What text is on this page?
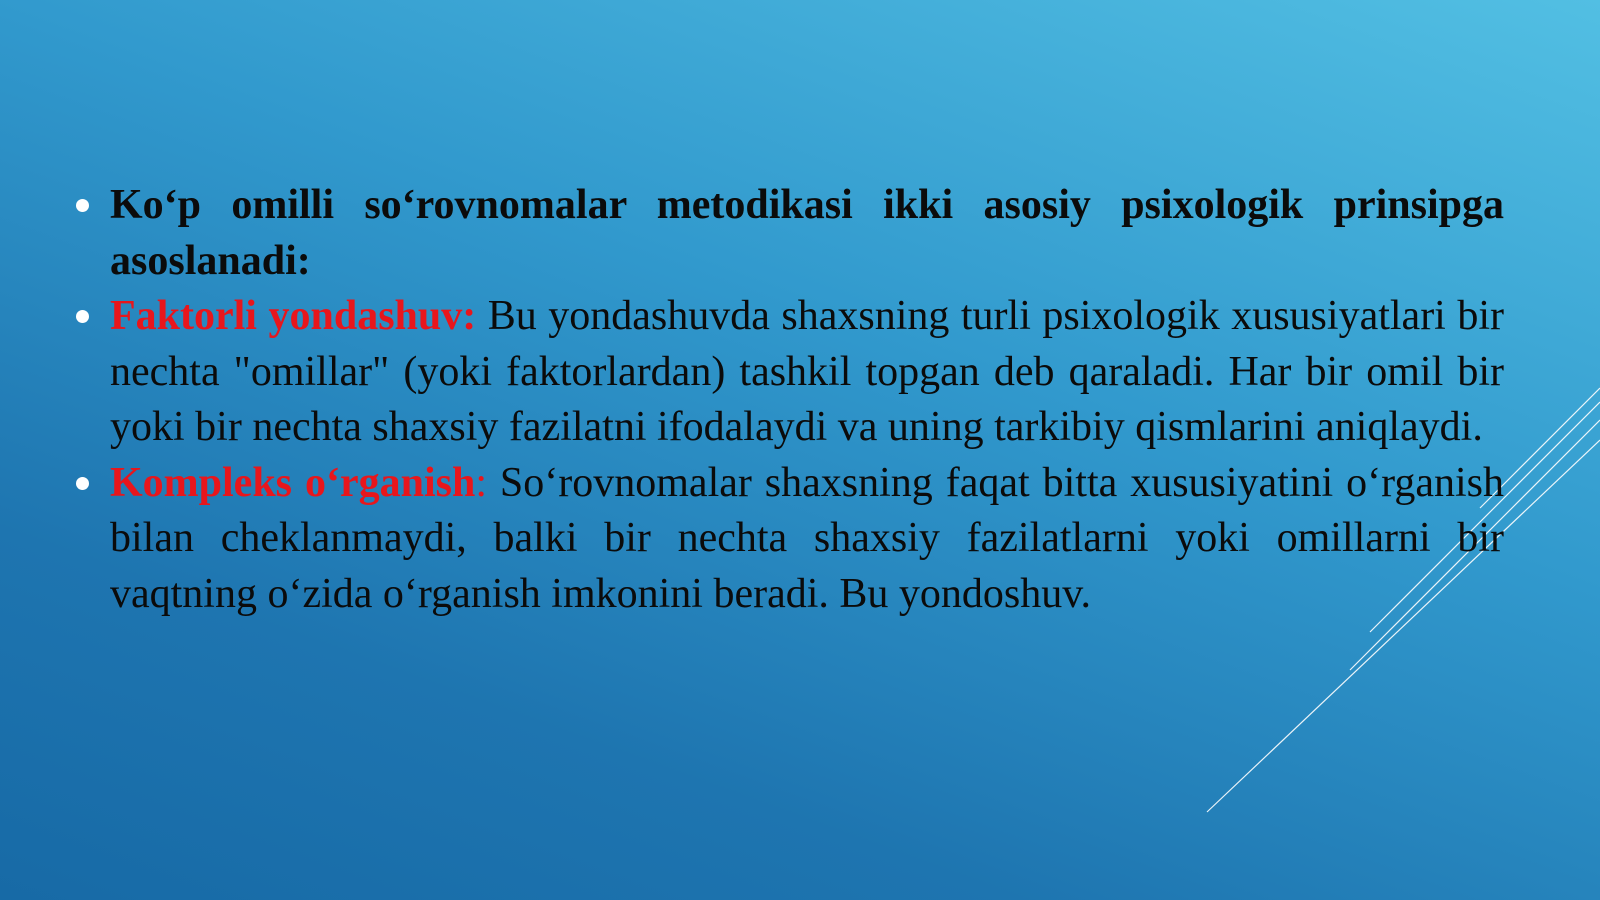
Ko‘p omilli so‘rovnomalar metodikasi ikki asosiy psixologik prinsipga asoslanadi:
Faktorli yondashuv: Bu yondashuvda shaxsning turli psixologik xususiyatlari bir nechta "omillar" (yoki faktorlardan) tashkil topgan deb qaraladi. Har bir omil bir yoki bir nechta shaxsiy fazilatni ifodalaydi va uning tarkibiy qismlarini aniqlaydi.
Kompleks o‘rganish: So‘rovnomalar shaxsning faqat bitta xususiyatini o‘rganish bilan cheklanmaydi, balki bir nechta shaxsiy fazilatlarni yoki omillarni bir vaqtning o‘zida o‘rganish imkonini beradi. Bu yondoshuv.
